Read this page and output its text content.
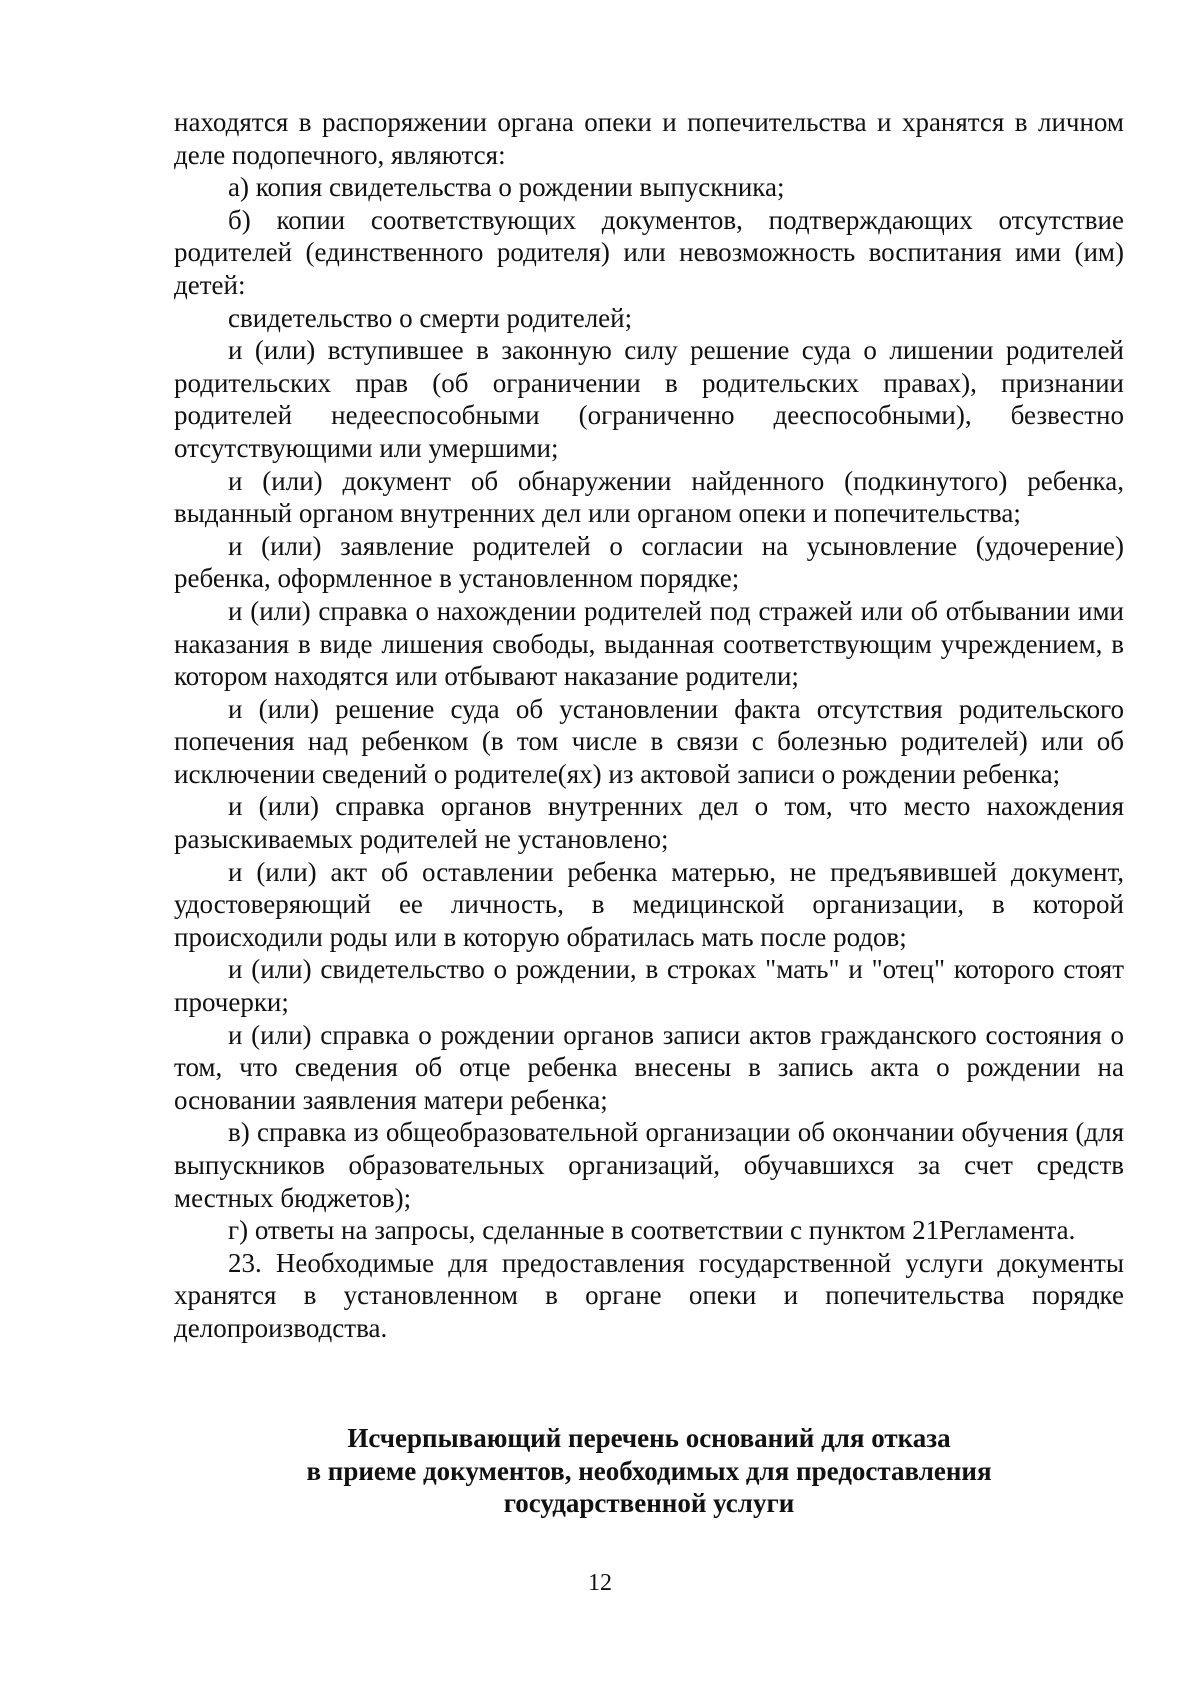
находятся в распоряжении органа опеки и попечительства и хранятся в личном деле подопечного, являются:

а) копия свидетельства о рождении выпускника;

б) копии соответствующих документов, подтверждающих отсутствие родителей (единственного родителя) или невозможность воспитания ими (им) детей:

свидетельство о смерти родителей;

и (или) вступившее в законную силу решение суда о лишении родителей родительских прав (об ограничении в родительских правах), признании родителей недееспособными (ограниченно дееспособными), безвестно отсутствующими или умершими;

и (или) документ об обнаружении найденного (подкинутого) ребенка, выданный органом внутренних дел или органом опеки и попечительства;

и (или) заявление родителей о согласии на усыновление (удочерение) ребенка, оформленное в установленном порядке;

и (или) справка о нахождении родителей под стражей или об отбывании ими наказания в виде лишения свободы, выданная соответствующим учреждением, в котором находятся или отбывают наказание родители;

и (или) решение суда об установлении факта отсутствия родительского попечения над ребенком (в том числе в связи с болезнью родителей) или об исключении сведений о родителе(ях) из актовой записи о рождении ребенка;

и (или) справка органов внутренних дел о том, что место нахождения разыскиваемых родителей не установлено;

и (или) акт об оставлении ребенка матерью, не предъявившей документ, удостоверяющий ее личность, в медицинской организации, в которой происходили роды или в которую обратилась мать после родов;

и (или) свидетельство о рождении, в строках "мать" и "отец" которого стоят прочерки;

и (или) справка о рождении органов записи актов гражданского состояния о том, что сведения об отце ребенка внесены в запись акта о рождении на основании заявления матери ребенка;

в) справка из общеобразовательной организации об окончании обучения (для выпускников образовательных организаций, обучавшихся за счет средств местных бюджетов);

г) ответы на запросы, сделанные в соответствии с пунктом 21Регламента.

23. Необходимые для предоставления государственной услуги документы хранятся в установленном в органе опеки и попечительства порядке делопроизводства.

Исчерпывающий перечень оснований для отказа
в приеме документов, необходимых для предоставления
государственной услуги
12
